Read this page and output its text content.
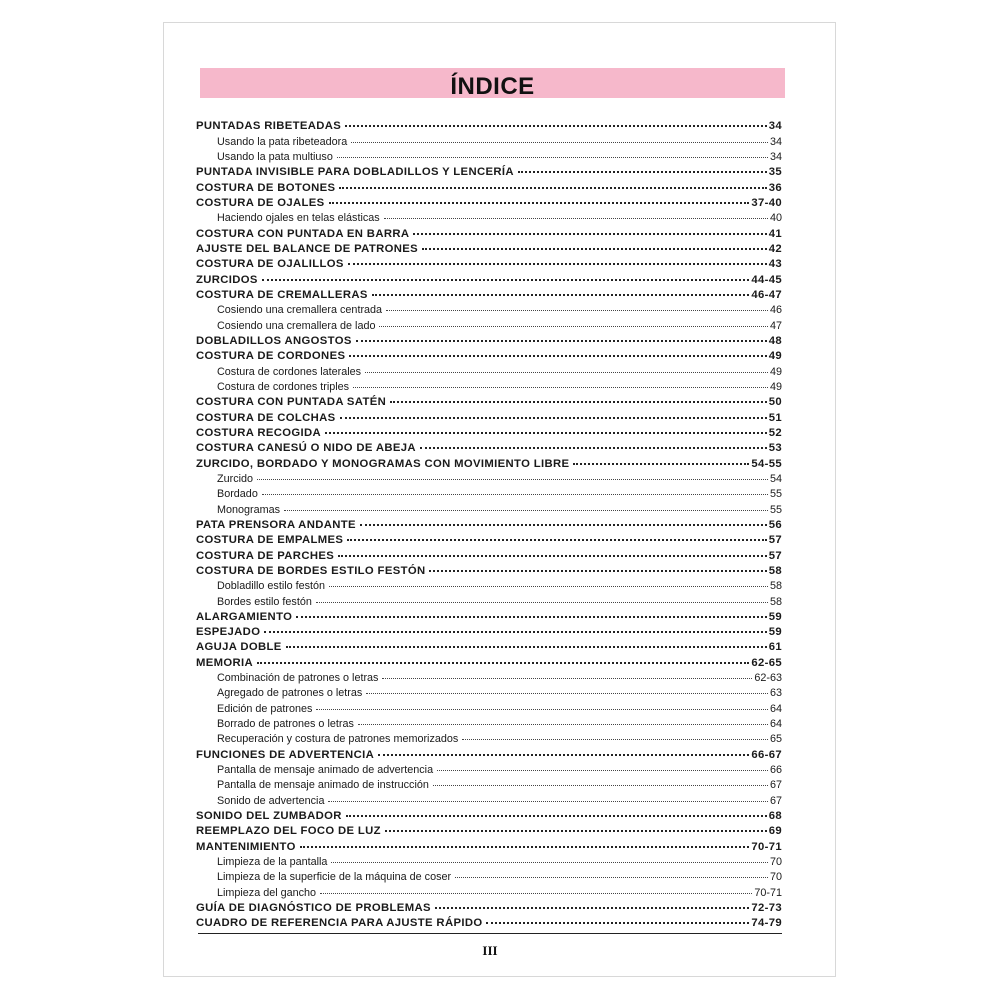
ÍNDICE
PUNTADAS RIBETEADAS	34
Usando la pata ribeteadora	34
Usando la pata multiuso	34
PUNTADA INVISIBLE PARA DOBLADILLOS Y LENCERÍA	35
COSTURA DE BOTONES	36
COSTURA DE OJALES	37-40
Haciendo ojales en telas elásticas	40
COSTURA CON PUNTADA EN BARRA	41
AJUSTE DEL BALANCE DE PATRONES	42
COSTURA DE OJALILLOS	43
ZURCIDOS	44-45
COSTURA DE CREMALLERAS	46-47
Cosiendo una cremallera centrada	46
Cosiendo una cremallera de lado	47
DOBLADILLOS ANGOSTOS	48
COSTURA DE CORDONES	49
Costura de cordones laterales	49
Costura de cordones triples	49
COSTURA CON PUNTADA SATÉN	50
COSTURA DE COLCHAS	51
COSTURA RECOGIDA	52
COSTURA CANESÚ O NIDO DE ABEJA	53
ZURCIDO, BORDADO Y MONOGRAMAS CON MOVIMIENTO LIBRE	54-55
Zurcido	54
Bordado	55
Monogramas	55
PATA PRENSORA ANDANTE	56
COSTURA DE EMPALMES	57
COSTURA DE PARCHES	57
COSTURA DE BORDES ESTILO FESTÓN	58
Dobladillo estilo festón	58
Bordes estilo festón	58
ALARGAMIENTO	59
ESPEJADO	59
AGUJA DOBLE	61
MEMORIA	62-65
Combinación de patrones o letras	62-63
Agregado de patrones o letras	63
Edición de patrones	64
Borrado de patrones o letras	64
Recuperación y costura de patrones memorizados	65
FUNCIONES DE ADVERTENCIA	66-67
Pantalla de mensaje animado de advertencia	66
Pantalla de mensaje animado de instrucción	67
Sonido de advertencia	67
SONIDO DEL ZUMBADOR	68
REEMPLAZO DEL FOCO DE LUZ	69
MANTENIMIENTO	70-71
Limpieza de la pantalla	70
Limpieza de la superficie de la máquina de coser	70
Limpieza del gancho	70-71
GUÍA DE DIAGNÓSTICO DE PROBLEMAS	72-73
CUADRO DE REFERENCIA PARA AJUSTE RÁPIDO	74-79
III
